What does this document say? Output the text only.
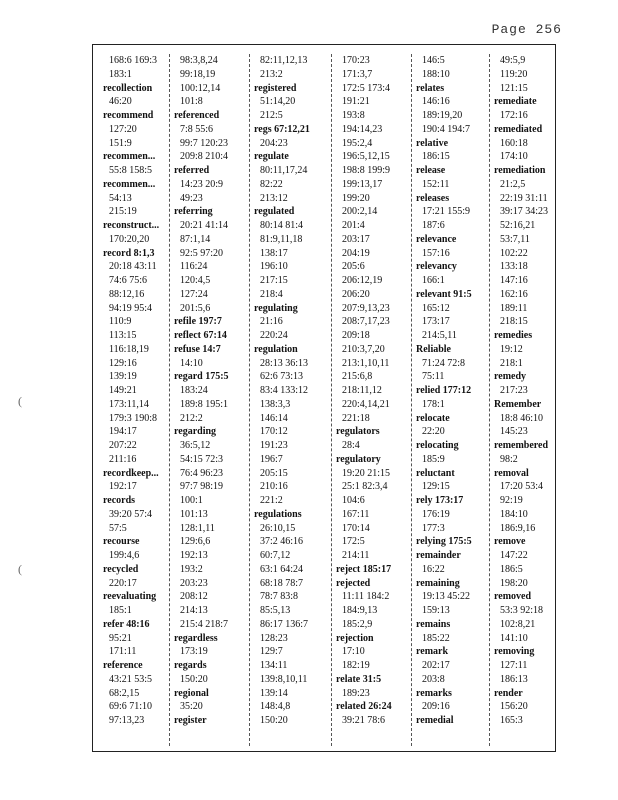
Page 256
(
(
168:6 169:3
183:1
recollection
46:20
recommend
127:20
151:9
recommen...
55:8 158:5
recommen...
54:13
215:19
reconstruct...
170:20,20
record 8:1,3
20:18 43:11
74:6 75:6
88:12,16
94:19 95:4
110:9
113:15
116:18,19
129:16
139:19
149:21
173:11,14
179:3 190:8
194:17
207:22
211:16
recordkeep...
192:17
records
39:20 57:4
57:5
recourse
199:4,6
recycled
220:17
reevaluating
185:1
refer 48:16
95:21
171:11
reference
43:21 53:5
68:2,15
69:6 71:10
97:13,23
98:3,8,24
99:18,19
100:12,14
101:8
referenced
7:8 55:6
99:7 120:23
209:8 210:4
referred
14:23 20:9
49:23
referring
20:21 41:14
87:1,14
92:5 97:20
116:24
120:4,5
127:24
201:5,6
refile 197:7
reflect 67:14
refuse 14:7
14:10
regard 175:5
183:24
189:8 195:1
212:2
regarding
36:5,12
54:15 72:3
76:4 96:23
97:7 98:19
100:1
101:13
128:1,11
129:6,6
192:13
193:2
203:23
208:12
214:13
215:4 218:7
regardless
173:19
regards
150:20
regional
35:20
register
82:11,12,13
213:2
registered
51:14,20
212:5
regs 67:12,21
204:23
regulate
80:11,17,24
82:22
213:12
regulated
80:14 81:4
81:9,11,18
138:17
196:10
217:15
218:4
regulating
21:16
220:24
regulation
28:13 36:13
62:6 73:13
83:4 133:12
138:3,3
146:14
170:12
191:23
196:7
205:15
210:16
221:2
regulations
26:10,15
37:2 46:16
60:7,12
63:1 64:24
68:18 78:7
78:7 83:8
85:5,13
86:17 136:7
128:23
129:7
134:11
139:8,10,11
139:14
148:4,8
150:20
170:23
171:3,7
172:5 173:4
191:21
193:8
194:14,23
195:2,4
196:5,12,15
198:8 199:9
199:13,17
199:20
200:2,14
201:4
203:17
204:19
205:6
206:12,19
206:20
207:9,13,23
208:7,17,23
209:18
210:3,7,20
213:1,10,11
215:6,8
218:11,12
220:4,14,21
221:18
regulators
28:4
regulatory
19:20 21:15
25:1 82:3,4
104:6
167:11
170:14
172:5
214:11
reject 185:17
rejected
11:11 184:2
184:9,13
185:2,9
rejection
17:10
182:19
relate 31:5
189:23
related 26:24
39:21 78:6
146:5
188:10
relates
146:16
189:19,20
190:4 194:7
relative
186:15
release
152:11
releases
17:21 155:9
187:6
relevance
157:16
relevancy
166:1
relevant 91:5
165:12
173:17
214:5,11
Reliable
71:24 72:8
75:11
relied 177:12
178:1
relocate
22:20
relocating
185:9
reluctant
129:15
rely 173:17
176:19
177:3
relying 175:5
remainder
16:22
remaining
19:13 45:22
159:13
remains
185:22
remark
202:17
203:8
remarks
209:16
remedial
49:5,9
119:20
121:15
remediate
172:16
remediated
160:18
174:10
remediation
21:2,5
22:19 31:11
39:17 34:23
52:16,21
53:7,11
102:22
133:18
147:16
162:16
189:11
218:15
remedies
19:12
218:1
remedy
217:23
Remember
18:8 46:10
145:23
remembered
98:2
removal
17:20 53:4
92:19
184:10
186:9,16
remove
147:22
186:5
198:20
removed
53:3 92:18
102:8,21
141:10
removing
127:11
186:13
render
156:20
165:3
